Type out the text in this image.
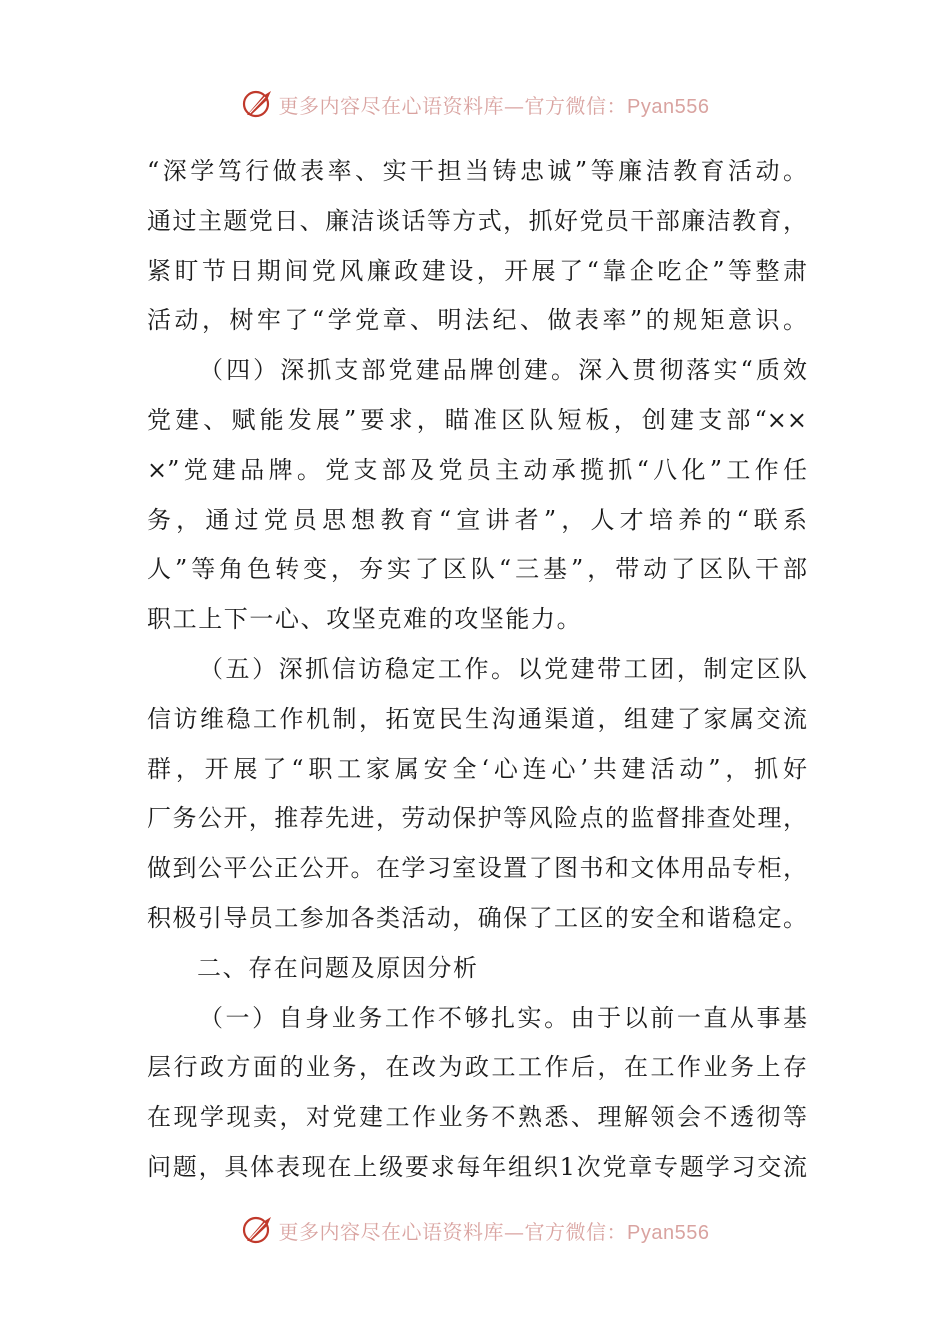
更多内容尽在心语资料库—官方微信：Pyan556
“深学笃行做表率、实干担当铸忠诚”等廉洁教育活动。
通过主题党日、廉洁谈话等方式，抓好党员干部廉洁教育，
紧盯节日期间党风廉政建设，开展了“靠企吃企”等整肃
活动，树牢了“学党章、明法纪、做表率”的规矩意识。
（四）深抓支部党建品牌创建。深入贯彻落实“质效
党建、赋能发展”要求，瞄准区队短板，创建支部“××
×”党建品牌。党支部及党员主动承揽抓“八化”工作任
务，通过党员思想教育“宣讲者”，人才培养的“联系
人”等角色转变，夯实了区队“三基”，带动了区队干部
职工上下一心、攻坚克难的攻坚能力。
（五）深抓信访稳定工作。以党建带工团，制定区队
信访维稳工作机制，拓宽民生沟通渠道，组建了家属交流
群，开展了“职工家属安全‘心连心’共建活动”，抓好
厂务公开，推荐先进，劳动保护等风险点的监督排查处理，
做到公平公正公开。在学习室设置了图书和文体用品专柜，
积极引导员工参加各类活动，确保了工区的安全和谐稳定。
二、存在问题及原因分析
（一）自身业务工作不够扎实。由于以前一直从事基
层行政方面的业务，在改为政工工作后，在工作业务上存
在现学现卖，对党建工作业务不熟悉、理解领会不透彻等
问题，具体表现在上级要求每年组织1次党章专题学习交流
更多内容尽在心语资料库—官方微信：Pyan556
